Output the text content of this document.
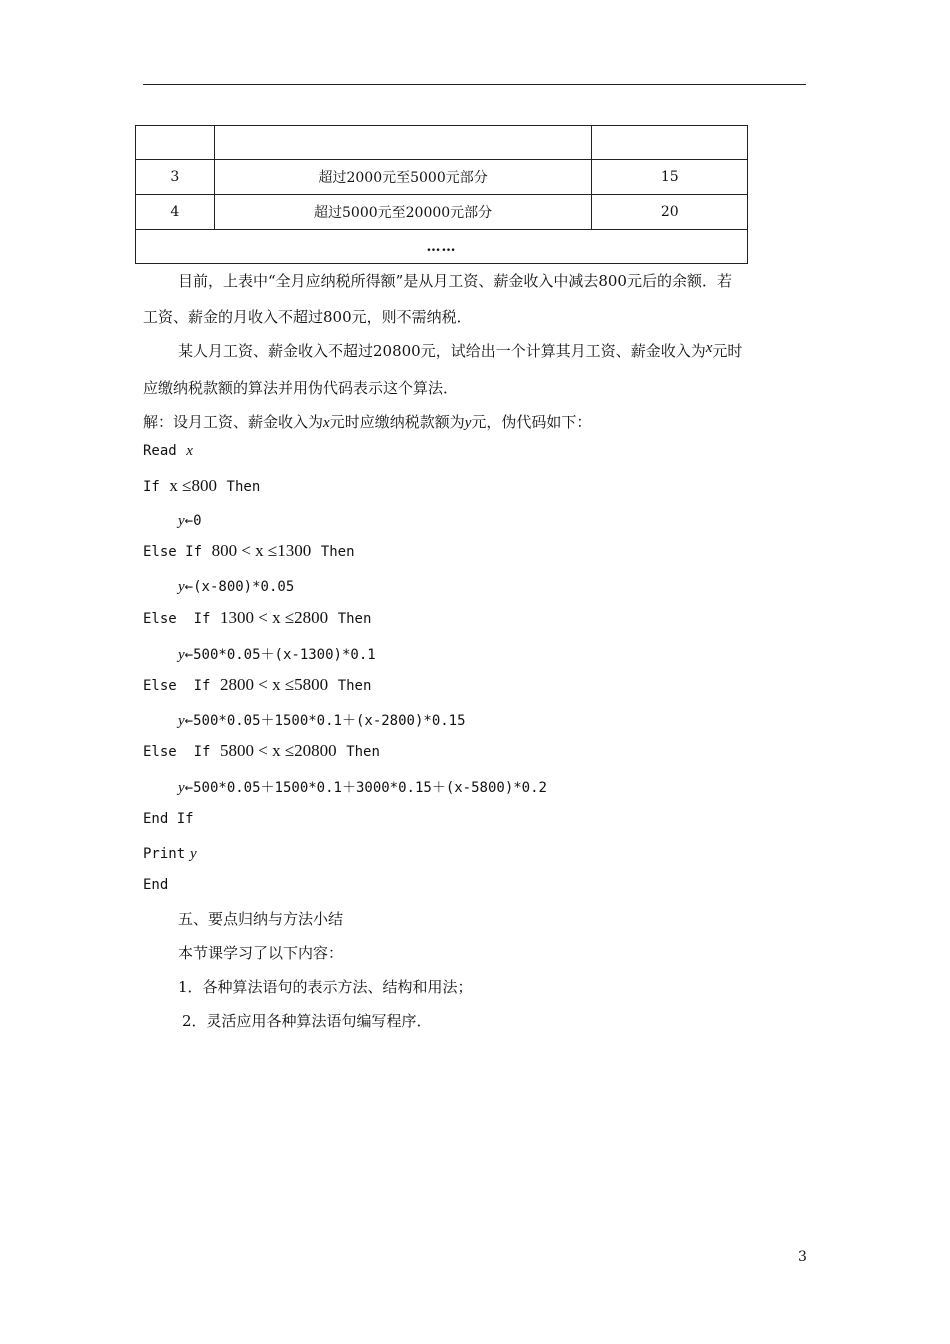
3	超过2000元至5000元部分	15
4	超过5000元至20000元部分	20
……		
目前，上表中“全月应纳税所得额”是从月工资、薪金收入中减去800元后的余额．若
工资、薪金的月收入不超过800元，则不需纳税．
某人月工资、薪金收入不超过20800元，试给出一个计算其月工资、薪金收入为x元时
应缴纳税款额的算法并用伪代码表示这个算法．
解：设月工资、薪金收入为x元时应缴纳税款额为y元，伪代码如下：
Read x
If x ≤800 Then
y←0
Else If 800 < x ≤1300 Then
y←(x-800)*0.05
Else  If 1300 < x ≤2800 Then
y←500*0.05＋(x-1300)*0.1
Else  If 2800 < x ≤5800 Then
y←500*0.05＋1500*0.1＋(x-2800)*0.15
Else  If 5800 < x ≤20800 Then
y←500*0.05＋1500*0.1＋3000*0.15＋(x-5800)*0.2
End If
Print y
End
五、要点归纳与方法小结
本节课学习了以下内容：
1．各种算法语句的表示方法、结构和用法；
2．灵活应用各种算法语句编写程序．
3
